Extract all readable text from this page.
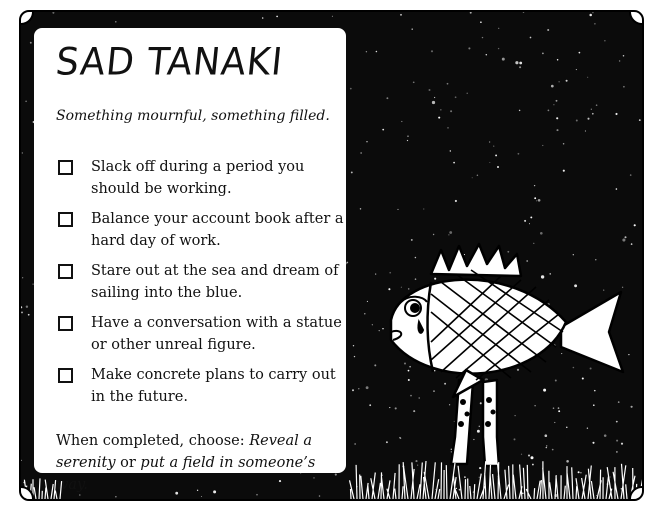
SAD TANAKI
Something mournful, something filled.
Slack off during a period you should be working.
Balance your account book after a hard day of work.
Stare out at the sea and dream of sailing into the blue.
Have a conversation with a statue or other unreal figure.
Make concrete plans to carry out in the future.
When completed, choose: Reveal a serenity or put a field in someone’s way.
